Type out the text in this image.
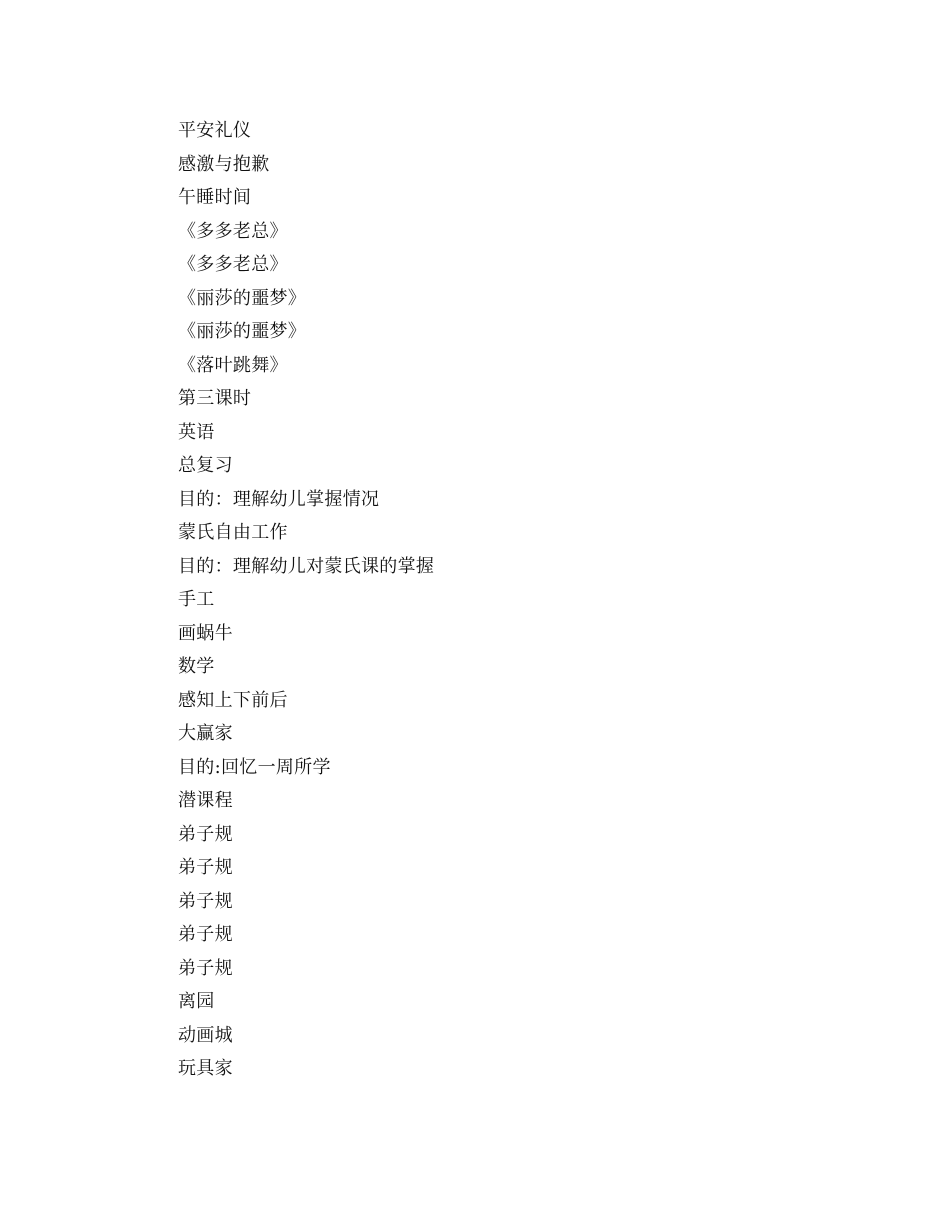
平安礼仪
感激与抱歉
午睡时间
《多多老总》
《多多老总》
《丽莎的噩梦》
《丽莎的噩梦》
《落叶跳舞》
第三课时
英语
总复习
目的：理解幼儿掌握情况
蒙氏自由工作
目的：理解幼儿对蒙氏课的掌握
手工
画蜗牛
数学
感知上下前后
大赢家
目的:回忆一周所学
潜课程
弟子规
弟子规
弟子规
弟子规
弟子规
离园
动画城
玩具家
